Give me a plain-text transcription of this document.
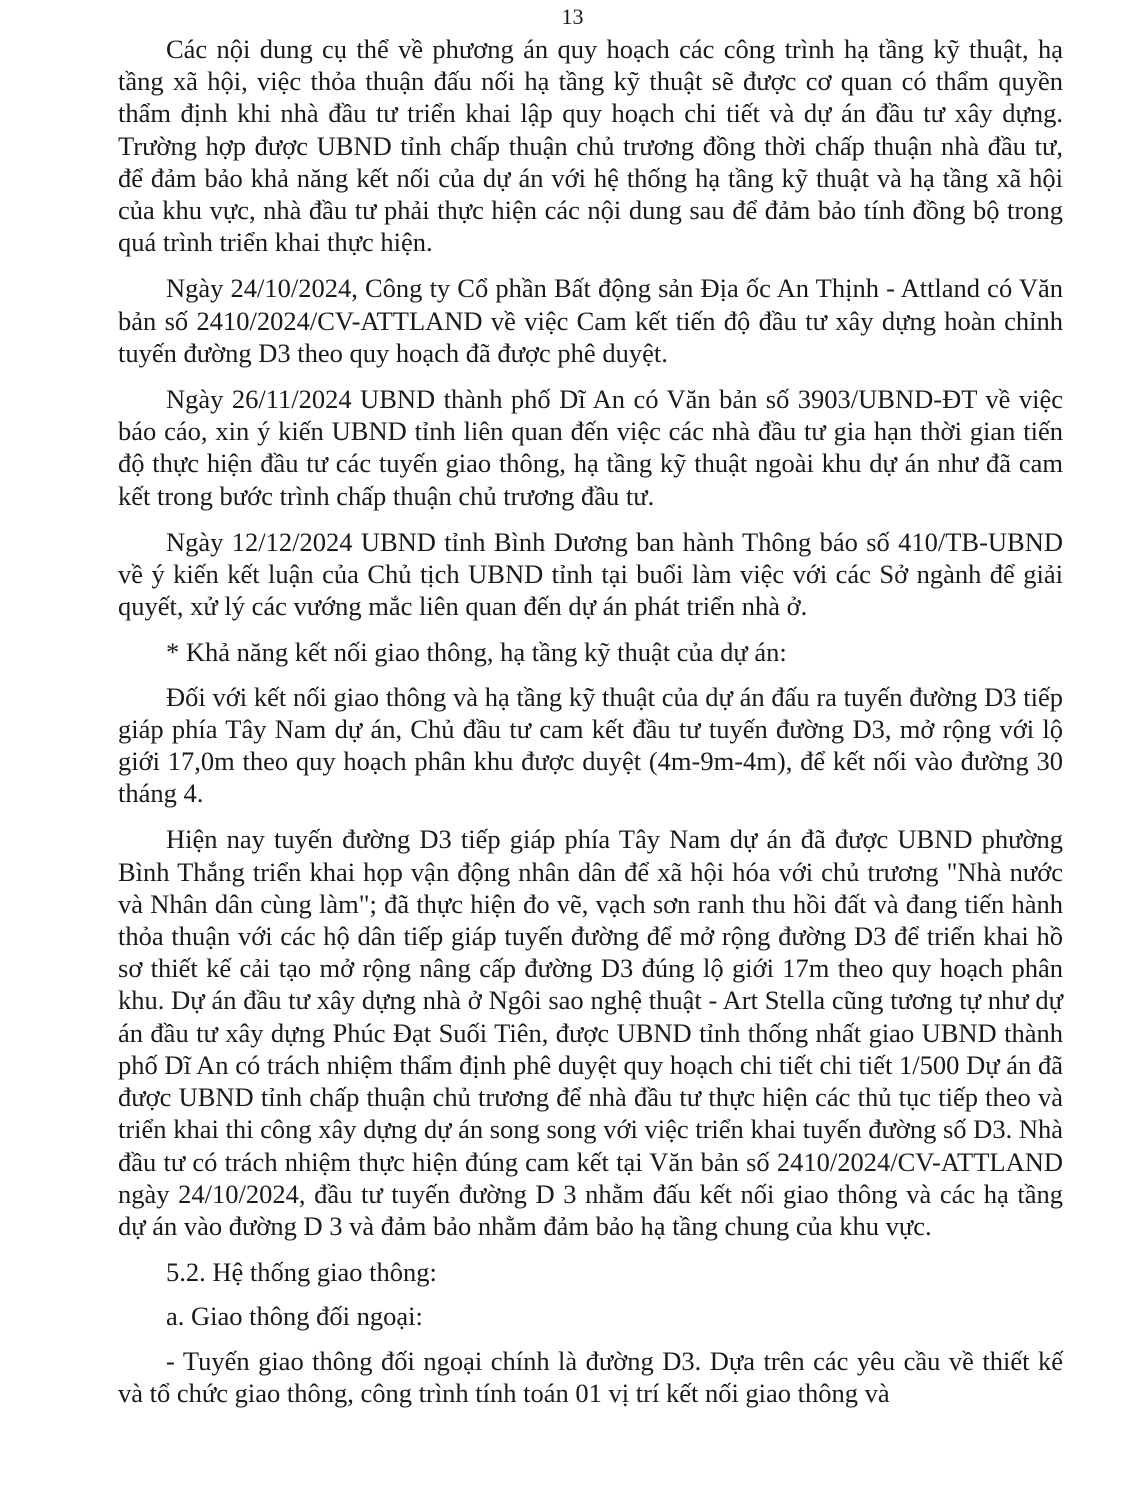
13

Các nội dung cụ thể về phương án quy hoạch các công trình hạ tầng kỹ thuật, hạ tầng xã hội, việc thỏa thuận đấu nối hạ tầng kỹ thuật sẽ được cơ quan có thẩm quyền thẩm định khi nhà đầu tư triển khai lập quy hoạch chi tiết và dự án đầu tư xây dựng. Trường hợp được UBND tỉnh chấp thuận chủ trương đồng thời chấp thuận nhà đầu tư, để đảm bảo khả năng kết nối của dự án với hệ thống hạ tầng kỹ thuật và hạ tầng xã hội của khu vực, nhà đầu tư phải thực hiện các nội dung sau để đảm bảo tính đồng bộ trong quá trình triển khai thực hiện.

Ngày 24/10/2024, Công ty Cổ phần Bất động sản Địa ốc An Thịnh - Attland có Văn bản số 2410/2024/CV-ATTLAND về việc Cam kết tiến độ đầu tư xây dựng hoàn chỉnh tuyến đường D3 theo quy hoạch đã được phê duyệt.

Ngày 26/11/2024 UBND thành phố Dĩ An có Văn bản số 3903/UBND-ĐT về việc báo cáo, xin ý kiến UBND tỉnh liên quan đến việc các nhà đầu tư gia hạn thời gian tiến độ thực hiện đầu tư các tuyến giao thông, hạ tầng kỹ thuật ngoài khu dự án như đã cam kết trong bước trình chấp thuận chủ trương đầu tư.

Ngày 12/12/2024 UBND tỉnh Bình Dương ban hành Thông báo số 410/TB-UBND về ý kiến kết luận của Chủ tịch UBND tỉnh tại buổi làm việc với các Sở ngành để giải quyết, xử lý các vướng mắc liên quan đến dự án phát triển nhà ở.

* Khả năng kết nối giao thông, hạ tầng kỹ thuật của dự án:

Đối với kết nối giao thông và hạ tầng kỹ thuật của dự án đấu ra tuyến đường D3 tiếp giáp phía Tây Nam dự án, Chủ đầu tư cam kết đầu tư tuyến đường D3, mở rộng với lộ giới 17,0m theo quy hoạch phân khu được duyệt (4m-9m-4m), để kết nối vào đường 30 tháng 4.

Hiện nay tuyến đường D3 tiếp giáp phía Tây Nam dự án đã được UBND phường Bình Thắng triển khai họp vận động nhân dân để xã hội hóa với chủ trương "Nhà nước và Nhân dân cùng làm"; đã thực hiện đo vẽ, vạch sơn ranh thu hồi đất và đang tiến hành thỏa thuận với các hộ dân tiếp giáp tuyến đường để mở rộng đường D3 để triển khai hồ sơ thiết kế cải tạo mở rộng nâng cấp đường D3 đúng lộ giới 17m theo quy hoạch phân khu. Dự án đầu tư xây dựng nhà ở Ngôi sao nghệ thuật - Art Stella cũng tương tự như dự án đầu tư xây dựng Phúc Đạt Suối Tiên, được UBND tỉnh thống nhất giao UBND thành phố Dĩ An có trách nhiệm thẩm định phê duyệt quy hoạch chi tiết chi tiết 1/500 Dự án đã được UBND tỉnh chấp thuận chủ trương để nhà đầu tư thực hiện các thủ tục tiếp theo và triển khai thi công xây dựng dự án song song với việc triển khai tuyến đường số D3. Nhà đầu tư có trách nhiệm thực hiện đúng cam kết tại Văn bản số 2410/2024/CV-ATTLAND ngày 24/10/2024, đầu tư tuyến đường D 3 nhằm đấu kết nối giao thông và các hạ tầng dự án vào đường D 3 và đảm bảo nhằm đảm bảo hạ tầng chung của khu vực.

5.2. Hệ thống giao thông:

a. Giao thông đối ngoại:

- Tuyến giao thông đối ngoại chính là đường D3. Dựa trên các yêu cầu về thiết kế và tổ chức giao thông, công trình tính toán 01 vị trí kết nối giao thông và
